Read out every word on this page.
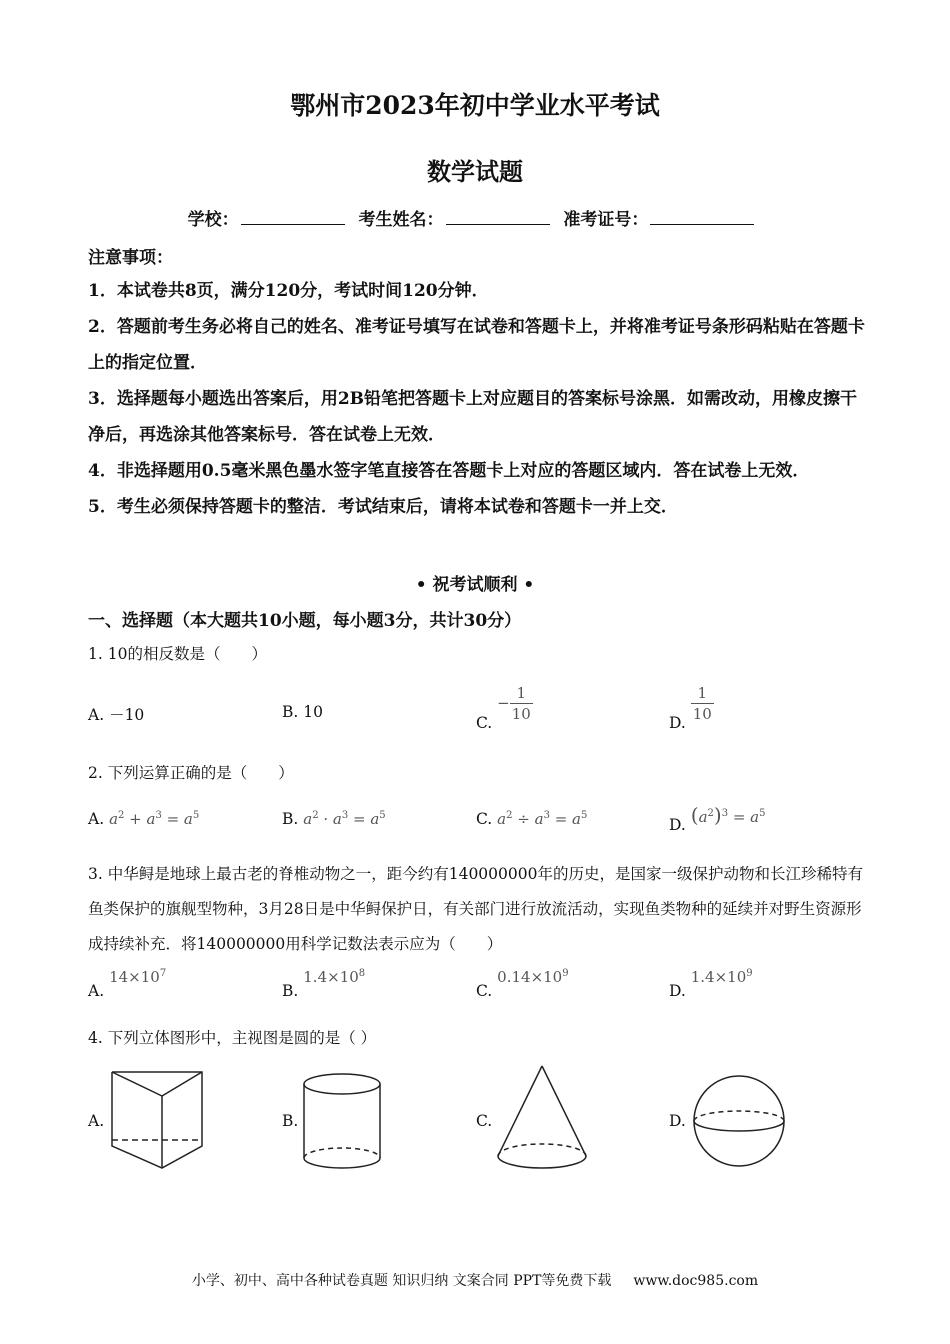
鄂州市2023年初中学业水平考试
数学试题
学校：	考生姓名：	准考证号：

注意事项：

1．本试卷共8页，满分120分，考试时间120分钟．

2．答题前考生务必将自己的姓名、准考证号填写在试卷和答题卡上，并将准考证号条形码粘贴在答题卡上的指定位置．

3．选择题每小题选出答案后，用2B铅笔把答题卡上对应题目的答案标号涂黑．如需改动，用橡皮擦干净后，再选涂其他答案标号．答在试卷上无效．

4．非选择题用0.5毫米黑色墨水签字笔直接答在答题卡上对应的答题区域内．答在试卷上无效．

5．考生必须保持答题卡的整洁．考试结束后，请将本试卷和答题卡一并上交．

• 祝考试顺利 •
一、选择题（本大题共10小题，每小题3分，共计30分）
1. 10的相反数是（　　）
A. －10	B. 10
C. − $\frac{1}{10}$	D. $\frac{1}{10}$
2. 下列运算正确的是（　　）
A. $a^2 + a^3 = a^5$	B. $a^2 \cdot a^3 = a^5$	C. $a^2 \div a^3 = a^5$
D. $(a^2)^3 = a^5$
3. 中华鲟是地球上最古老的脊椎动物之一，距今约有140000000年的历史，是国家一级保护动物和长江珍稀特有鱼类保护的旗舰型物种，3月28日是中华鲟保护日，有关部门进行放流活动，实现鱼类物种的延续并对野生资源形成持续补充．将140000000用科学记数法表示应为（　　）
A. $14\times 10^7$
B. $1.4\times 10^8$
C. $0.14\times 10^9$
D. $1.4\times 10^9$
4. 下列立体图形中，主视图是圆的是（ ）
A.	B.	C.	D.
小学、初中、高中各种试卷真题 知识归纳 文案合同 PPT等免费下载 www.doc985.com
